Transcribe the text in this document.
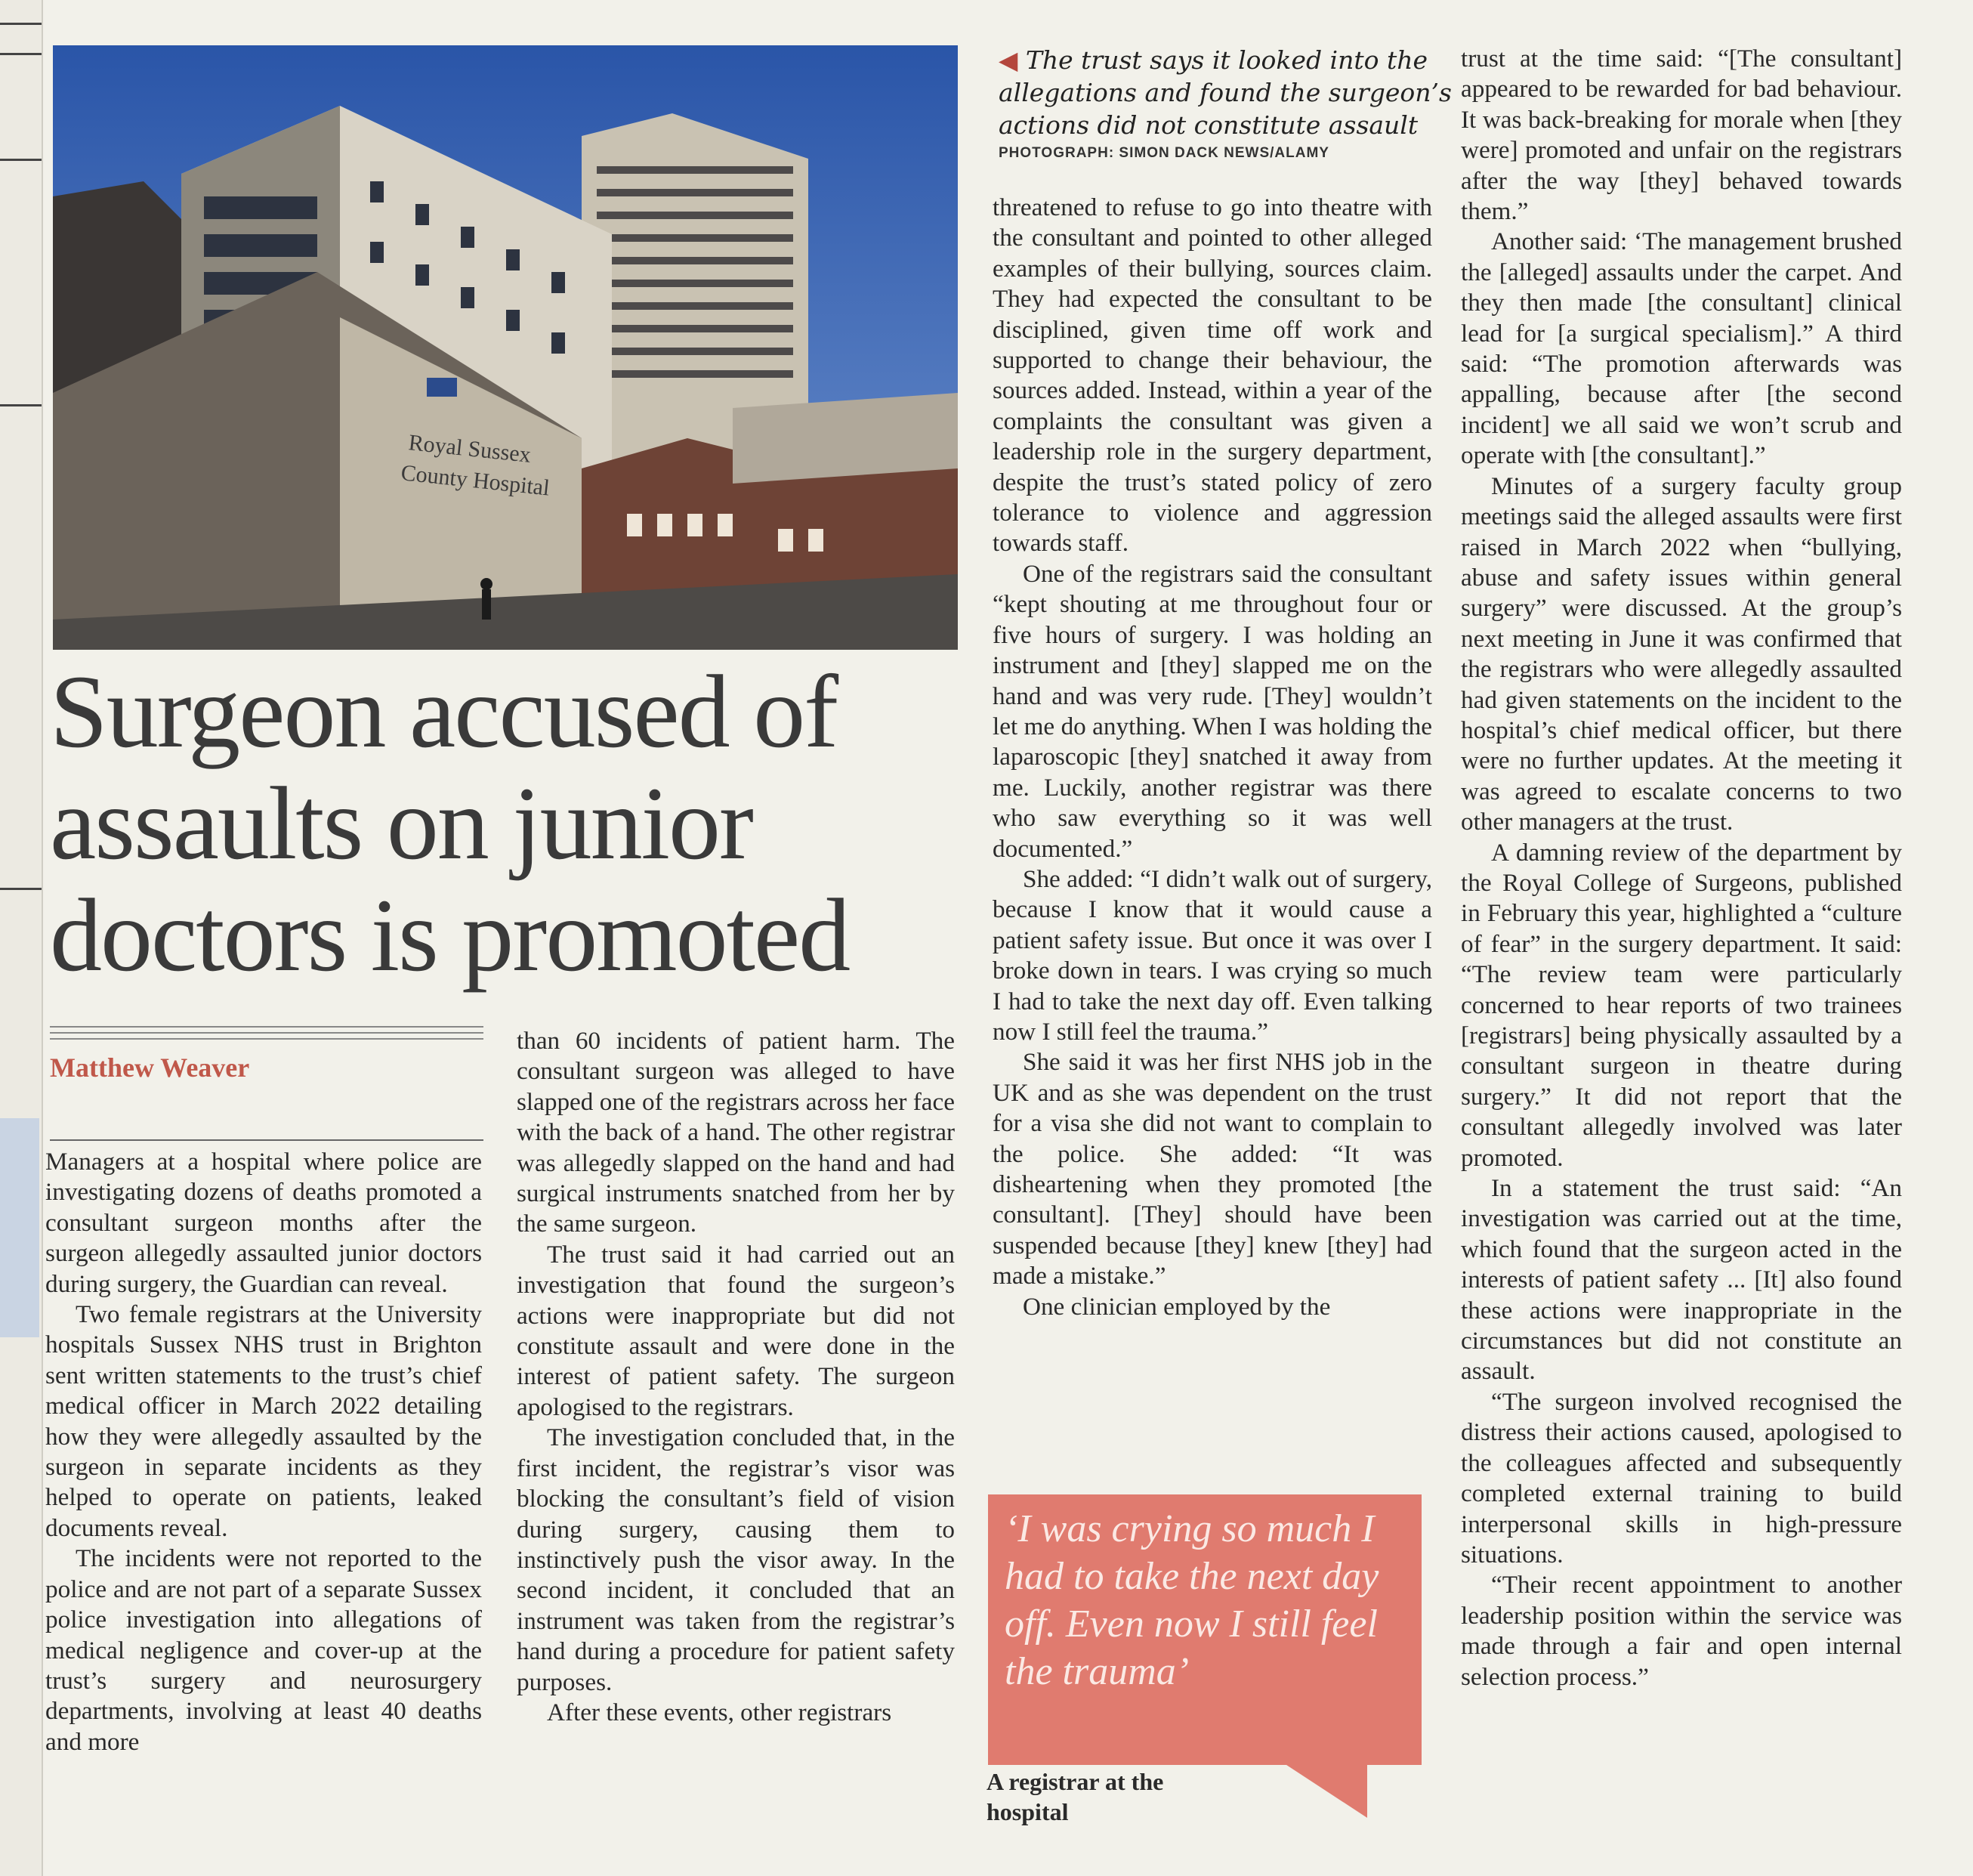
Royal Sussex
County Hospital
◀ The trust says it looked into the allegations and found the surgeon’s actions did not constitute assault
PHOTOGRAPH: SIMON DACK NEWS/ALAMY
Surgeon accused of assaults on junior doctors is promoted
Matthew Weaver

Managers at a hospital where police are investigating dozens of deaths promoted a consultant surgeon months after the surgeon allegedly assaulted junior doctors during surgery, the Guardian can reveal.

Two female registrars at the University hospitals Sussex NHS trust in Brighton sent written statements to the trust’s chief medical officer in March 2022 detailing how they were allegedly assaulted by the surgeon in separate incidents as they helped to operate on patients, leaked documents reveal.

The incidents were not reported to the police and are not part of a separate Sussex police investigation into allegations of medical negligence and cover-up at the trust’s surgery and neurosurgery departments, involving at least 40 deaths and more

than 60 incidents of patient harm. The consultant surgeon was alleged to have slapped one of the registrars across her face with the back of a hand. The other registrar was allegedly slapped on the hand and had surgical instruments snatched from her by the same surgeon.

The trust said it had carried out an investigation that found the surgeon’s actions were inappropriate but did not constitute assault and were done in the interest of patient safety. The surgeon apologised to the registrars.

The investigation concluded that, in the first incident, the registrar’s visor was blocking the consultant’s field of vision during surgery, causing them to instinctively push the visor away. In the second incident, it concluded that an instrument was taken from the registrar’s hand during a procedure for patient safety purposes.

After these events, other registrars

threatened to refuse to go into theatre with the consultant and pointed to other alleged examples of their bullying, sources claim. They had expected the consultant to be disciplined, given time off work and supported to change their behaviour, the sources added. Instead, within a year of the complaints the consultant was given a leadership role in the surgery department, despite the trust’s stated policy of zero tolerance to violence and aggression towards staff.

One of the registrars said the consultant “kept shouting at me throughout four or five hours of surgery. I was holding an instrument and [they] slapped me on the hand and was very rude. [They] wouldn’t let me do anything. When I was holding the laparoscopic [they] snatched it away from me. Luckily, another registrar was there who saw everything so it was well documented.”

She added: “I didn’t walk out of surgery, because I know that it would cause a patient safety issue. But once it was over I broke down in tears. I was crying so much I had to take the next day off. Even talking now I still feel the trauma.”

She said it was her first NHS job in the UK and as she was dependent on the trust for a visa she did not want to complain to the police. She added: “It was disheartening when they promoted [the consultant]. [They] should have been suspended because [they] knew [they] had made a mistake.”

One clinician employed by the

trust at the time said: “[The consultant] appeared to be rewarded for bad behaviour. It was back-breaking for morale when [they were] promoted and unfair on the registrars after the way [they] behaved towards them.”

Another said: ‘The management brushed the [alleged] assaults under the carpet. And they then made [the consultant] clinical lead for [a surgical specialism].” A third said: “The promotion afterwards was appalling, because after [the second incident] we all said we won’t scrub and operate with [the consultant].”

Minutes of a surgery faculty group meetings said the alleged assaults were first raised in March 2022 when “bullying, abuse and safety issues within general surgery” were discussed. At the group’s next meeting in June it was confirmed that the registrars who were allegedly assaulted had given statements on the incident to the hospital’s chief medical officer, but there were no further updates. At the meeting it was agreed to escalate concerns to two other managers at the trust.

A damning review of the department by the Royal College of Surgeons, published in February this year, highlighted a “culture of fear” in the surgery department. It said: “The review team were particularly concerned to hear reports of two trainees [registrars] being physically assaulted by a consultant surgeon in theatre during surgery.” It did not report that the consultant allegedly involved was later promoted.

In a statement the trust said: “An investigation was carried out at the time, which found that the surgeon acted in the interests of patient safety ... [It] also found these actions were inappropriate in the circumstances but did not constitute an assault.

“The surgeon involved recognised the distress their actions caused, apologised to the colleagues affected and subsequently completed external training to build interpersonal skills in high-pressure situations.

“Their recent appointment to another leadership position within the service was made through a fair and open internal selection process.”

‘I was crying so much I had to take the next day off. Even now I still feel the trauma’
A registrar at the hospital
